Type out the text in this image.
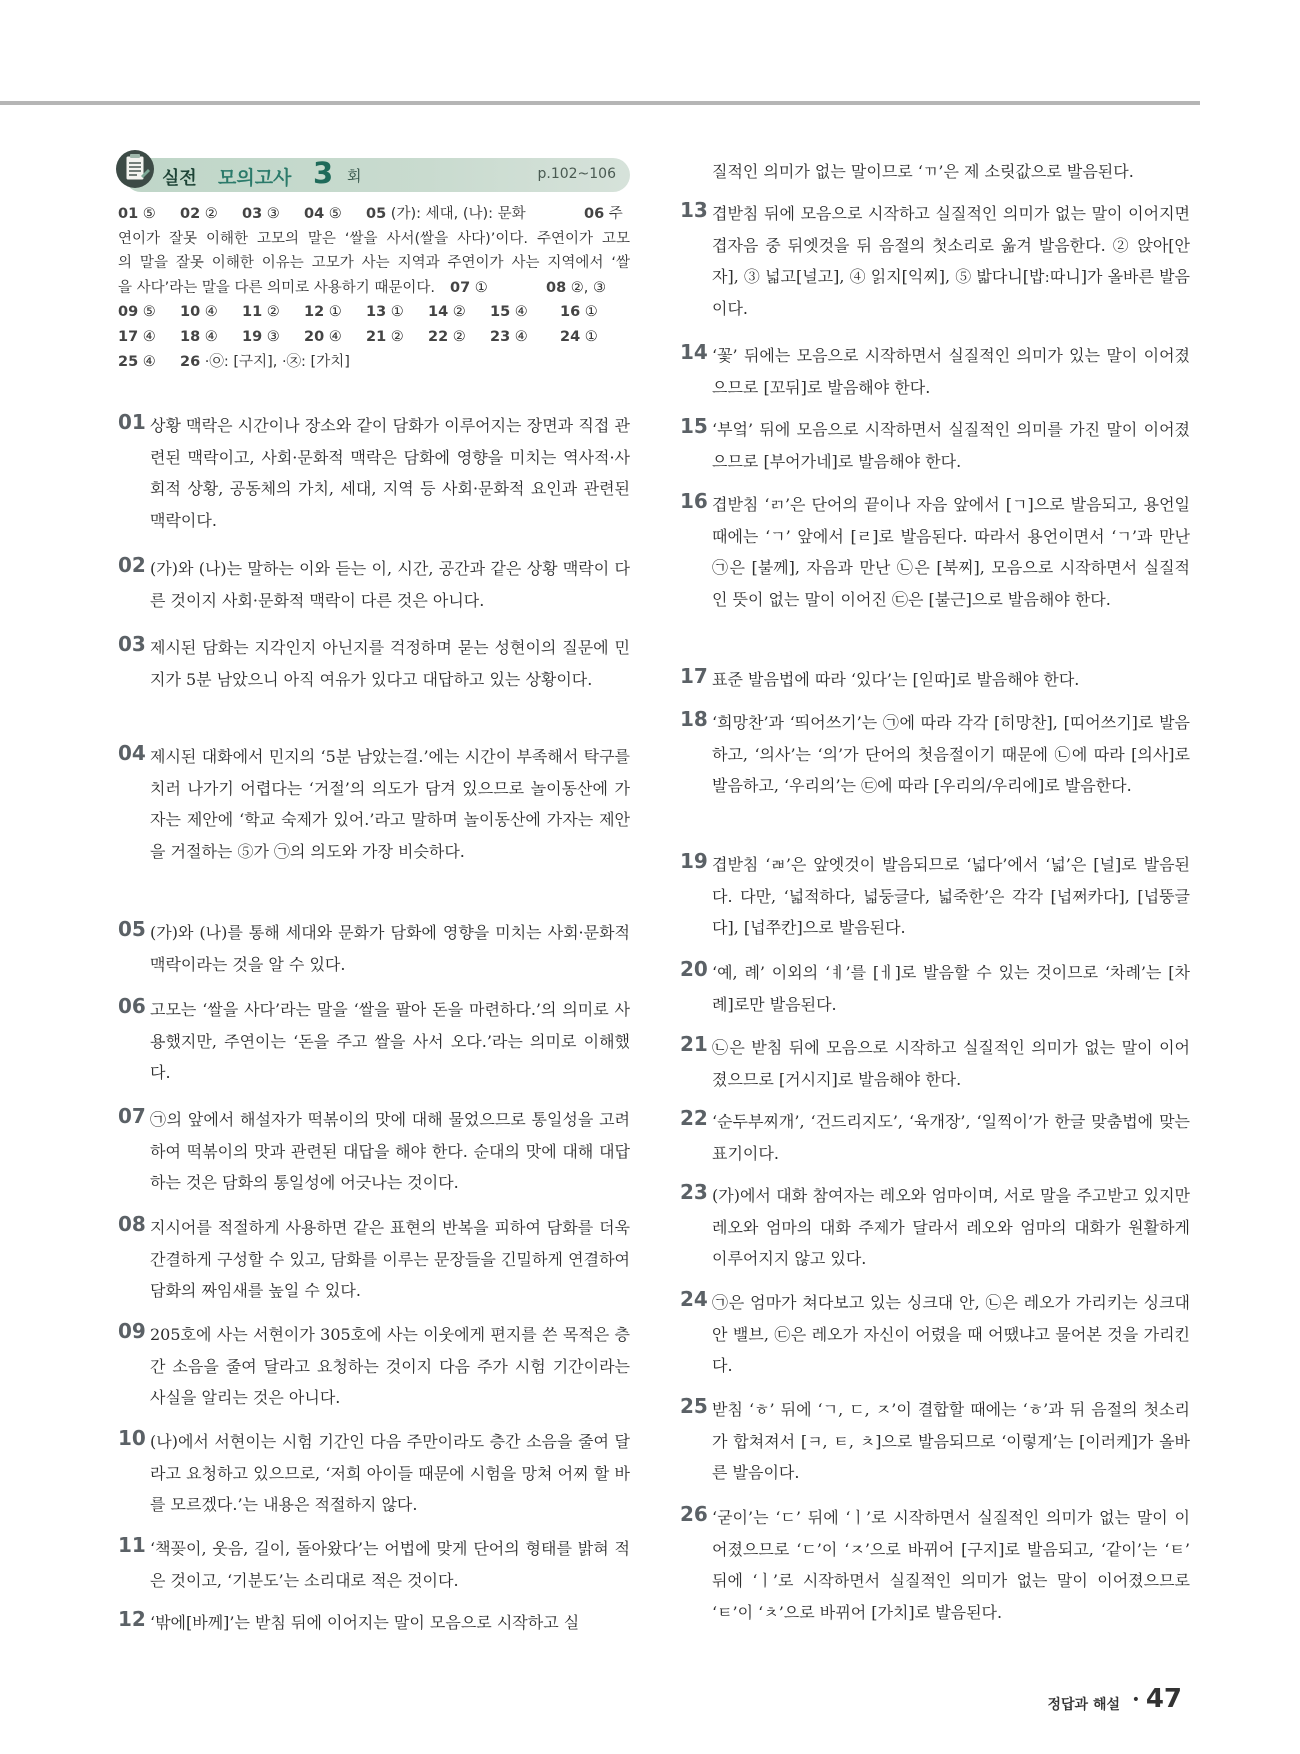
실전 모의고사 3 회	p.102~106
01 ⑤ 02 ② 03 ③ 04 ⑤ 05 (가): 세대, (나): 문화	06 주
연이가 잘못 이해한 고모의 말은 ‘쌀을 사서(쌀을 사다)’이다. 주연이가 고모
의 말을 잘못 이해한 이유는 고모가 사는 지역과 주연이가 사는 지역에서 ‘쌀
을 사다’라는 말을 다른 의미로 사용하기 때문이다. 07 ①	08 ②, ③
09 ⑤ 10 ④ 11 ② 12 ① 13 ① 14 ② 15 ④ 16 ①
17 ④ 18 ④ 19 ③ 20 ④ 21 ② 22 ② 23 ④ 24 ①
25 ④ 26 ·㉧: [구지], ·㉨: [가치]
01 상황 맥락은 시간이나 장소와 같이 담화가 이루어지는 장면과 직접 관련된 맥락이고, 사회·문화적 맥락은 담화에 영향을 미치는 역사적·사회적 상황, 공동체의 가치, 세대, 지역 등 사회·문화적 요인과 관련된 맥락이다.
02 (가)와 (나)는 말하는 이와 듣는 이, 시간, 공간과 같은 상황 맥락이 다른 것이지 사회·문화적 맥락이 다른 것은 아니다.
03 제시된 담화는 지각인지 아닌지를 걱정하며 묻는 성현이의 질문에 민지가 5분 남았으니 아직 여유가 있다고 대답하고 있는 상황이다.
04 제시된 대화에서 민지의 ‘5분 남았는걸.’에는 시간이 부족해서 탁구를 치러 나가기 어렵다는 ‘거절’의 의도가 담겨 있으므로 놀이동산에 가자는 제안에 ‘학교 숙제가 있어.’라고 말하며 놀이동산에 가자는 제안을 거절하는 ⑤가 ㉠의 의도와 가장 비슷하다.
05 (가)와 (나)를 통해 세대와 문화가 담화에 영향을 미치는 사회·문화적 맥락이라는 것을 알 수 있다.
06 고모는 ‘쌀을 사다’라는 말을 ‘쌀을 팔아 돈을 마련하다.’의 의미로 사용했지만, 주연이는 ‘돈을 주고 쌀을 사서 오다.’라는 의미로 이해했다.
07 ㉠의 앞에서 해설자가 떡볶이의 맛에 대해 물었으므로 통일성을 고려하여 떡볶이의 맛과 관련된 대답을 해야 한다. 순대의 맛에 대해 대답하는 것은 담화의 통일성에 어긋나는 것이다.
08 지시어를 적절하게 사용하면 같은 표현의 반복을 피하여 담화를 더욱 간결하게 구성할 수 있고, 담화를 이루는 문장들을 긴밀하게 연결하여 담화의 짜임새를 높일 수 있다.
09 205호에 사는 서현이가 305호에 사는 이웃에게 편지를 쓴 목적은 층간 소음을 줄여 달라고 요청하는 것이지 다음 주가 시험 기간이라는 사실을 알리는 것은 아니다.
10 (나)에서 서현이는 시험 기간인 다음 주만이라도 층간 소음을 줄여 달라고 요청하고 있으므로, ‘저희 아이들 때문에 시험을 망쳐 어찌 할 바를 모르겠다.’는 내용은 적절하지 않다.
11 ‘책꽂이, 웃음, 길이, 돌아왔다’는 어법에 맞게 단어의 형태를 밝혀 적은 것이고, ‘기분도’는 소리대로 적은 것이다.
12 ‘밖에[바께]’는 받침 뒤에 이어지는 말이 모음으로 시작하고 실
질적인 의미가 없는 말이므로 ‘ㄲ’은 제 소릿값으로 발음된다.
13 겹받침 뒤에 모음으로 시작하고 실질적인 의미가 없는 말이 이어지면 겹자음 중 뒤엣것을 뒤 음절의 첫소리로 옮겨 발음한다. ② 앉아[안자], ③ 넓고[널고], ④ 읽지[익찌], ⑤ 밟다니[밥ː따니]가 올바른 발음이다.
14 ‘꽃’ 뒤에는 모음으로 시작하면서 실질적인 의미가 있는 말이 이어졌으므로 [꼬뒤]로 발음해야 한다.
15 ‘부엌’ 뒤에 모음으로 시작하면서 실질적인 의미를 가진 말이 이어졌으므로 [부어가네]로 발음해야 한다.
16 겹받침 ‘ㄺ’은 단어의 끝이나 자음 앞에서 [ㄱ]으로 발음되고, 용언일 때에는 ‘ㄱ’ 앞에서 [ㄹ]로 발음된다. 따라서 용언이면서 ‘ㄱ’과 만난 ㉠은 [불께], 자음과 만난 ㉡은 [북찌], 모음으로 시작하면서 실질적인 뜻이 없는 말이 이어진 ㉢은 [불근]으로 발음해야 한다.
17 표준 발음법에 따라 ‘있다’는 [읻따]로 발음해야 한다.
18 ‘희망찬’과 ‘띄어쓰기’는 ㉠에 따라 각각 [히망찬], [띠어쓰기]로 발음하고, ‘의사’는 ‘의’가 단어의 첫음절이기 때문에 ㉡에 따라 [의사]로 발음하고, ‘우리의’는 ㉢에 따라 [우리의/우리에]로 발음한다.
19 겹받침 ‘ㄼ’은 앞엣것이 발음되므로 ‘넓다’에서 ‘넓’은 [널]로 발음된다. 다만, ‘넓적하다, 넓둥글다, 넓죽한’은 각각 [넙쩌카다], [넙뚱글다], [넙쭈칸]으로 발음된다.
20 ‘예, 례’ 이외의 ‘ㅖ’를 [ㅔ]로 발음할 수 있는 것이므로 ‘차례’는 [차례]로만 발음된다.
21 ㉡은 받침 뒤에 모음으로 시작하고 실질적인 의미가 없는 말이 이어졌으므로 [거시지]로 발음해야 한다.
22 ‘순두부찌개’, ‘건드리지도’, ‘육개장’, ‘일찍이’가 한글 맞춤법에 맞는 표기이다.
23 (가)에서 대화 참여자는 레오와 엄마이며, 서로 말을 주고받고 있지만 레오와 엄마의 대화 주제가 달라서 레오와 엄마의 대화가 원활하게 이루어지지 않고 있다.
24 ㉠은 엄마가 쳐다보고 있는 싱크대 안, ㉡은 레오가 가리키는 싱크대 안 밸브, ㉢은 레오가 자신이 어렸을 때 어땠냐고 물어본 것을 가리킨다.
25 받침 ‘ㅎ’ 뒤에 ‘ㄱ, ㄷ, ㅈ’이 결합할 때에는 ‘ㅎ’과 뒤 음절의 첫소리가 합쳐져서 [ㅋ, ㅌ, ㅊ]으로 발음되므로 ‘이렇게’는 [이러케]가 올바른 발음이다.
26 ‘굳이’는 ‘ㄷ’ 뒤에 ‘ㅣ’로 시작하면서 실질적인 의미가 없는 말이 이어졌으므로 ‘ㄷ’이 ‘ㅈ’으로 바뀌어 [구지]로 발음되고, ‘같이’는 ‘ㅌ’ 뒤에 ‘ㅣ’로 시작하면서 실질적인 의미가 없는 말이 이어졌으므로 ‘ㅌ’이 ‘ㅊ’으로 바뀌어 [가치]로 발음된다.
정답과 해설 • 47
